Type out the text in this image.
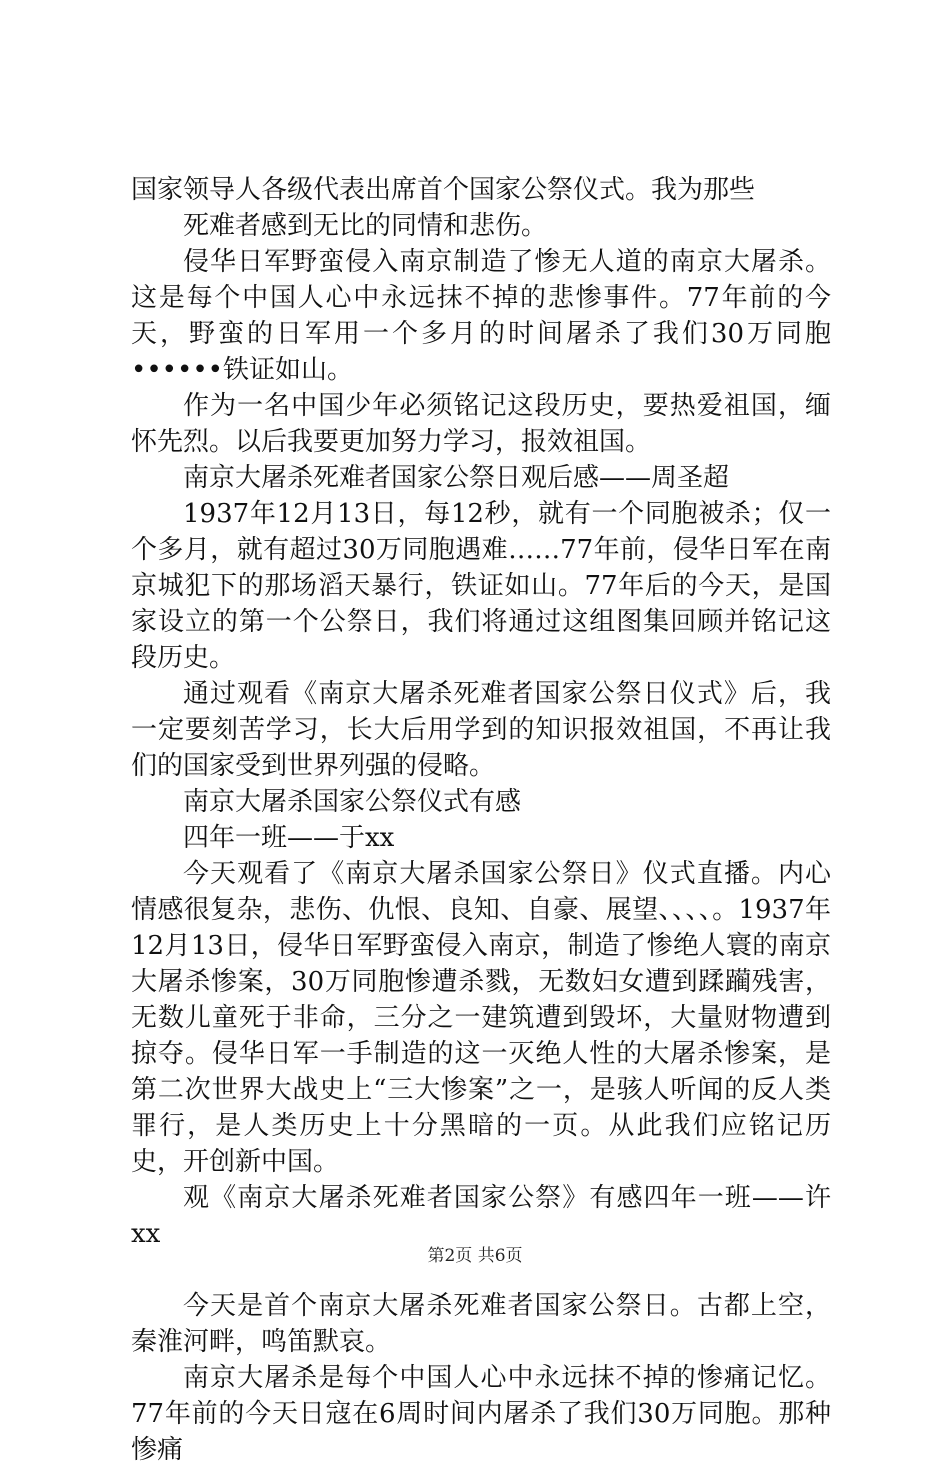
国家领导人各级代表出席首个国家公祭仪式。我为那些

死难者感到无比的同情和悲伤。

侵华日军野蛮侵入南京制造了惨无人道的南京大屠杀。这是每个中国人心中永远抹不掉的悲惨事件。77年前的今天，野蛮的日军用一个多月的时间屠杀了我们30万同胞••••••铁证如山。

作为一名中国少年必须铭记这段历史，要热爱祖国，缅怀先烈。以后我要更加努力学习，报效祖国。

南京大屠杀死难者国家公祭日观后感——周圣超

1937年12月13日，每12秒，就有一个同胞被杀；仅一个多月，就有超过30万同胞遇难……77年前，侵华日军在南京城犯下的那场滔天暴行，铁证如山。77年后的今天，是国家设立的第一个公祭日，我们将通过这组图集回顾并铭记这段历史。

通过观看《南京大屠杀死难者国家公祭日仪式》后，我一定要刻苦学习，长大后用学到的知识报效祖国，不再让我们的国家受到世界列强的侵略。

南京大屠杀国家公祭仪式有感

四年一班——于xx

今天观看了《南京大屠杀国家公祭日》仪式直播。内心情感很复杂，悲伤、仇恨、良知、自豪、展望、、、、。1937年12月13日，侵华日军野蛮侵入南京，制造了惨绝人寰的南京大屠杀惨案，30万同胞惨遭杀戮，无数妇女遭到蹂躏残害，无数儿童死于非命，三分之一建筑遭到毁坏，大量财物遭到掠夺。侵华日军一手制造的这一灭绝人性的大屠杀惨案，是第二次世界大战史上“三大惨案”之一，是骇人听闻的反人类罪行，是人类历史上十分黑暗的一页。从此我们应铭记历史，开创新中国。

观《南京大屠杀死难者国家公祭》有感四年一班——许xx

今天是首个南京大屠杀死难者国家公祭日。古都上空，秦淮河畔，鸣笛默哀。

南京大屠杀是每个中国人心中永远抹不掉的惨痛记忆。77年前的今天日寇在6周时间内屠杀了我们30万同胞。那种惨痛

第2页 共6页
